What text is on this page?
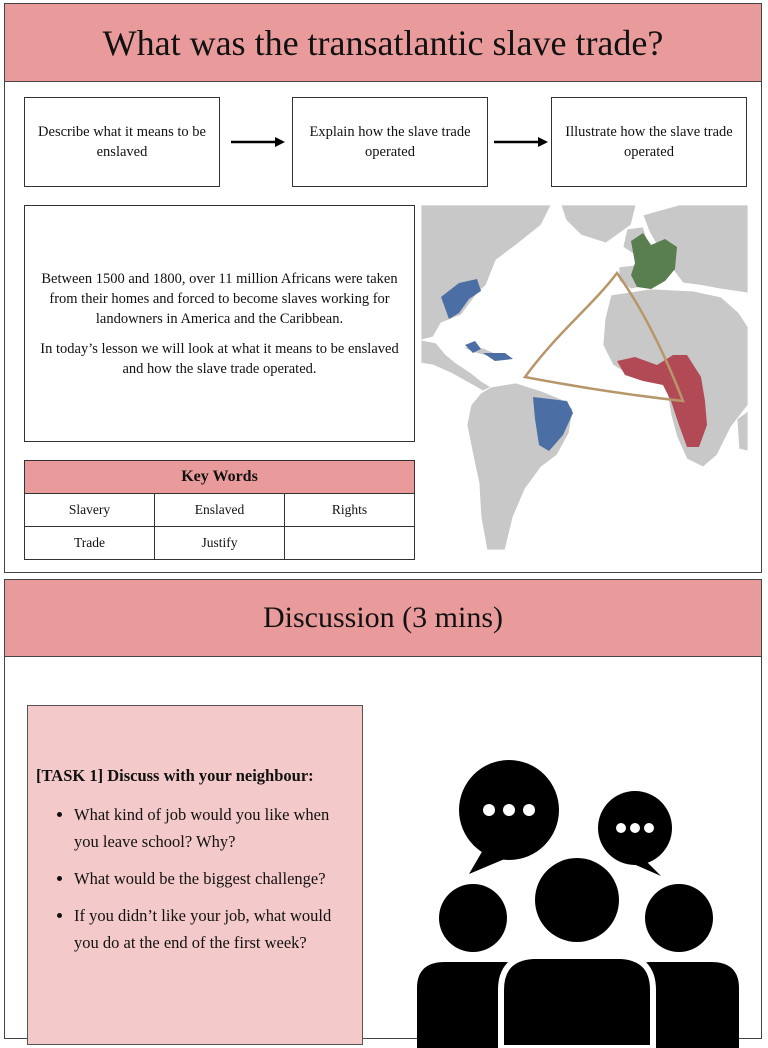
What was the transatlantic slave trade?
Describe what it means to be enslaved
Explain how the slave trade operated
Illustrate how the slave trade operated

Between 1500 and 1800, over 11 million Africans were taken from their homes and forced to become slaves working for landowners in America and the Caribbean.

In today’s lesson we will look at what it means to be enslaved and how the slave trade operated.

Key Words		
Slavery	Enslaved	Rights
Trade	Justify	
Discussion (3 mins)

[TASK 1] Discuss with your neighbour:

• What kind of job would you like when you leave school? Why?
• What would be the biggest challenge?
• If you didn’t like your job, what would you do at the end of the first week?
